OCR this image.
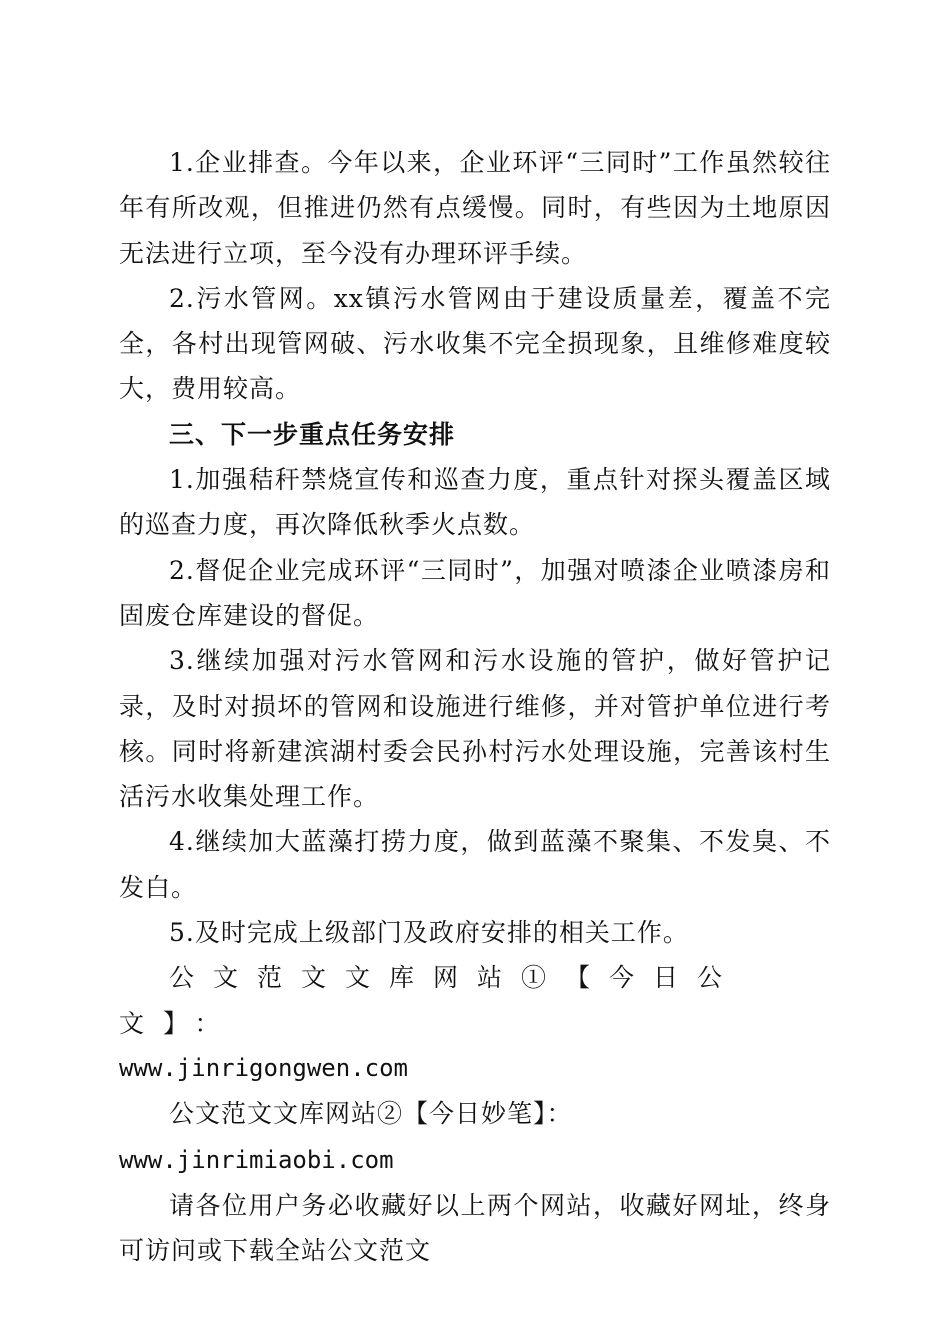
1.企业排查。今年以来，企业环评“三同时”工作虽然较往年有所改观，但推进仍然有点缓慢。同时，有些因为土地原因无法进行立项，至今没有办理环评手续。

2.污水管网。xx镇污水管网由于建设质量差，覆盖不完全，各村出现管网破、污水收集不完全损现象，且维修难度较大，费用较高。

三、下一步重点任务安排

1.加强秸秆禁烧宣传和巡查力度，重点针对探头覆盖区域的巡查力度，再次降低秋季火点数。

2.督促企业完成环评“三同时”，加强对喷漆企业喷漆房和固废仓库建设的督促。

3.继续加强对污水管网和污水设施的管护，做好管护记录，及时对损坏的管网和设施进行维修，并对管护单位进行考核。同时将新建滨湖村委会民孙村污水处理设施，完善该村生活污水收集处理工作。

4.继续加大蓝藻打捞力度，做到蓝藻不聚集、不发臭、不发白。

5.及时完成上级部门及政府安排的相关工作。

公文范文文库网站①【今日公文】：

www.jinrigongwen.com

公文范文文库网站②【今日妙笔】：www.jinrimiaobi.com

请各位用户务必收藏好以上两个网站，收藏好网址，终身可访问或下载全站公文范文
